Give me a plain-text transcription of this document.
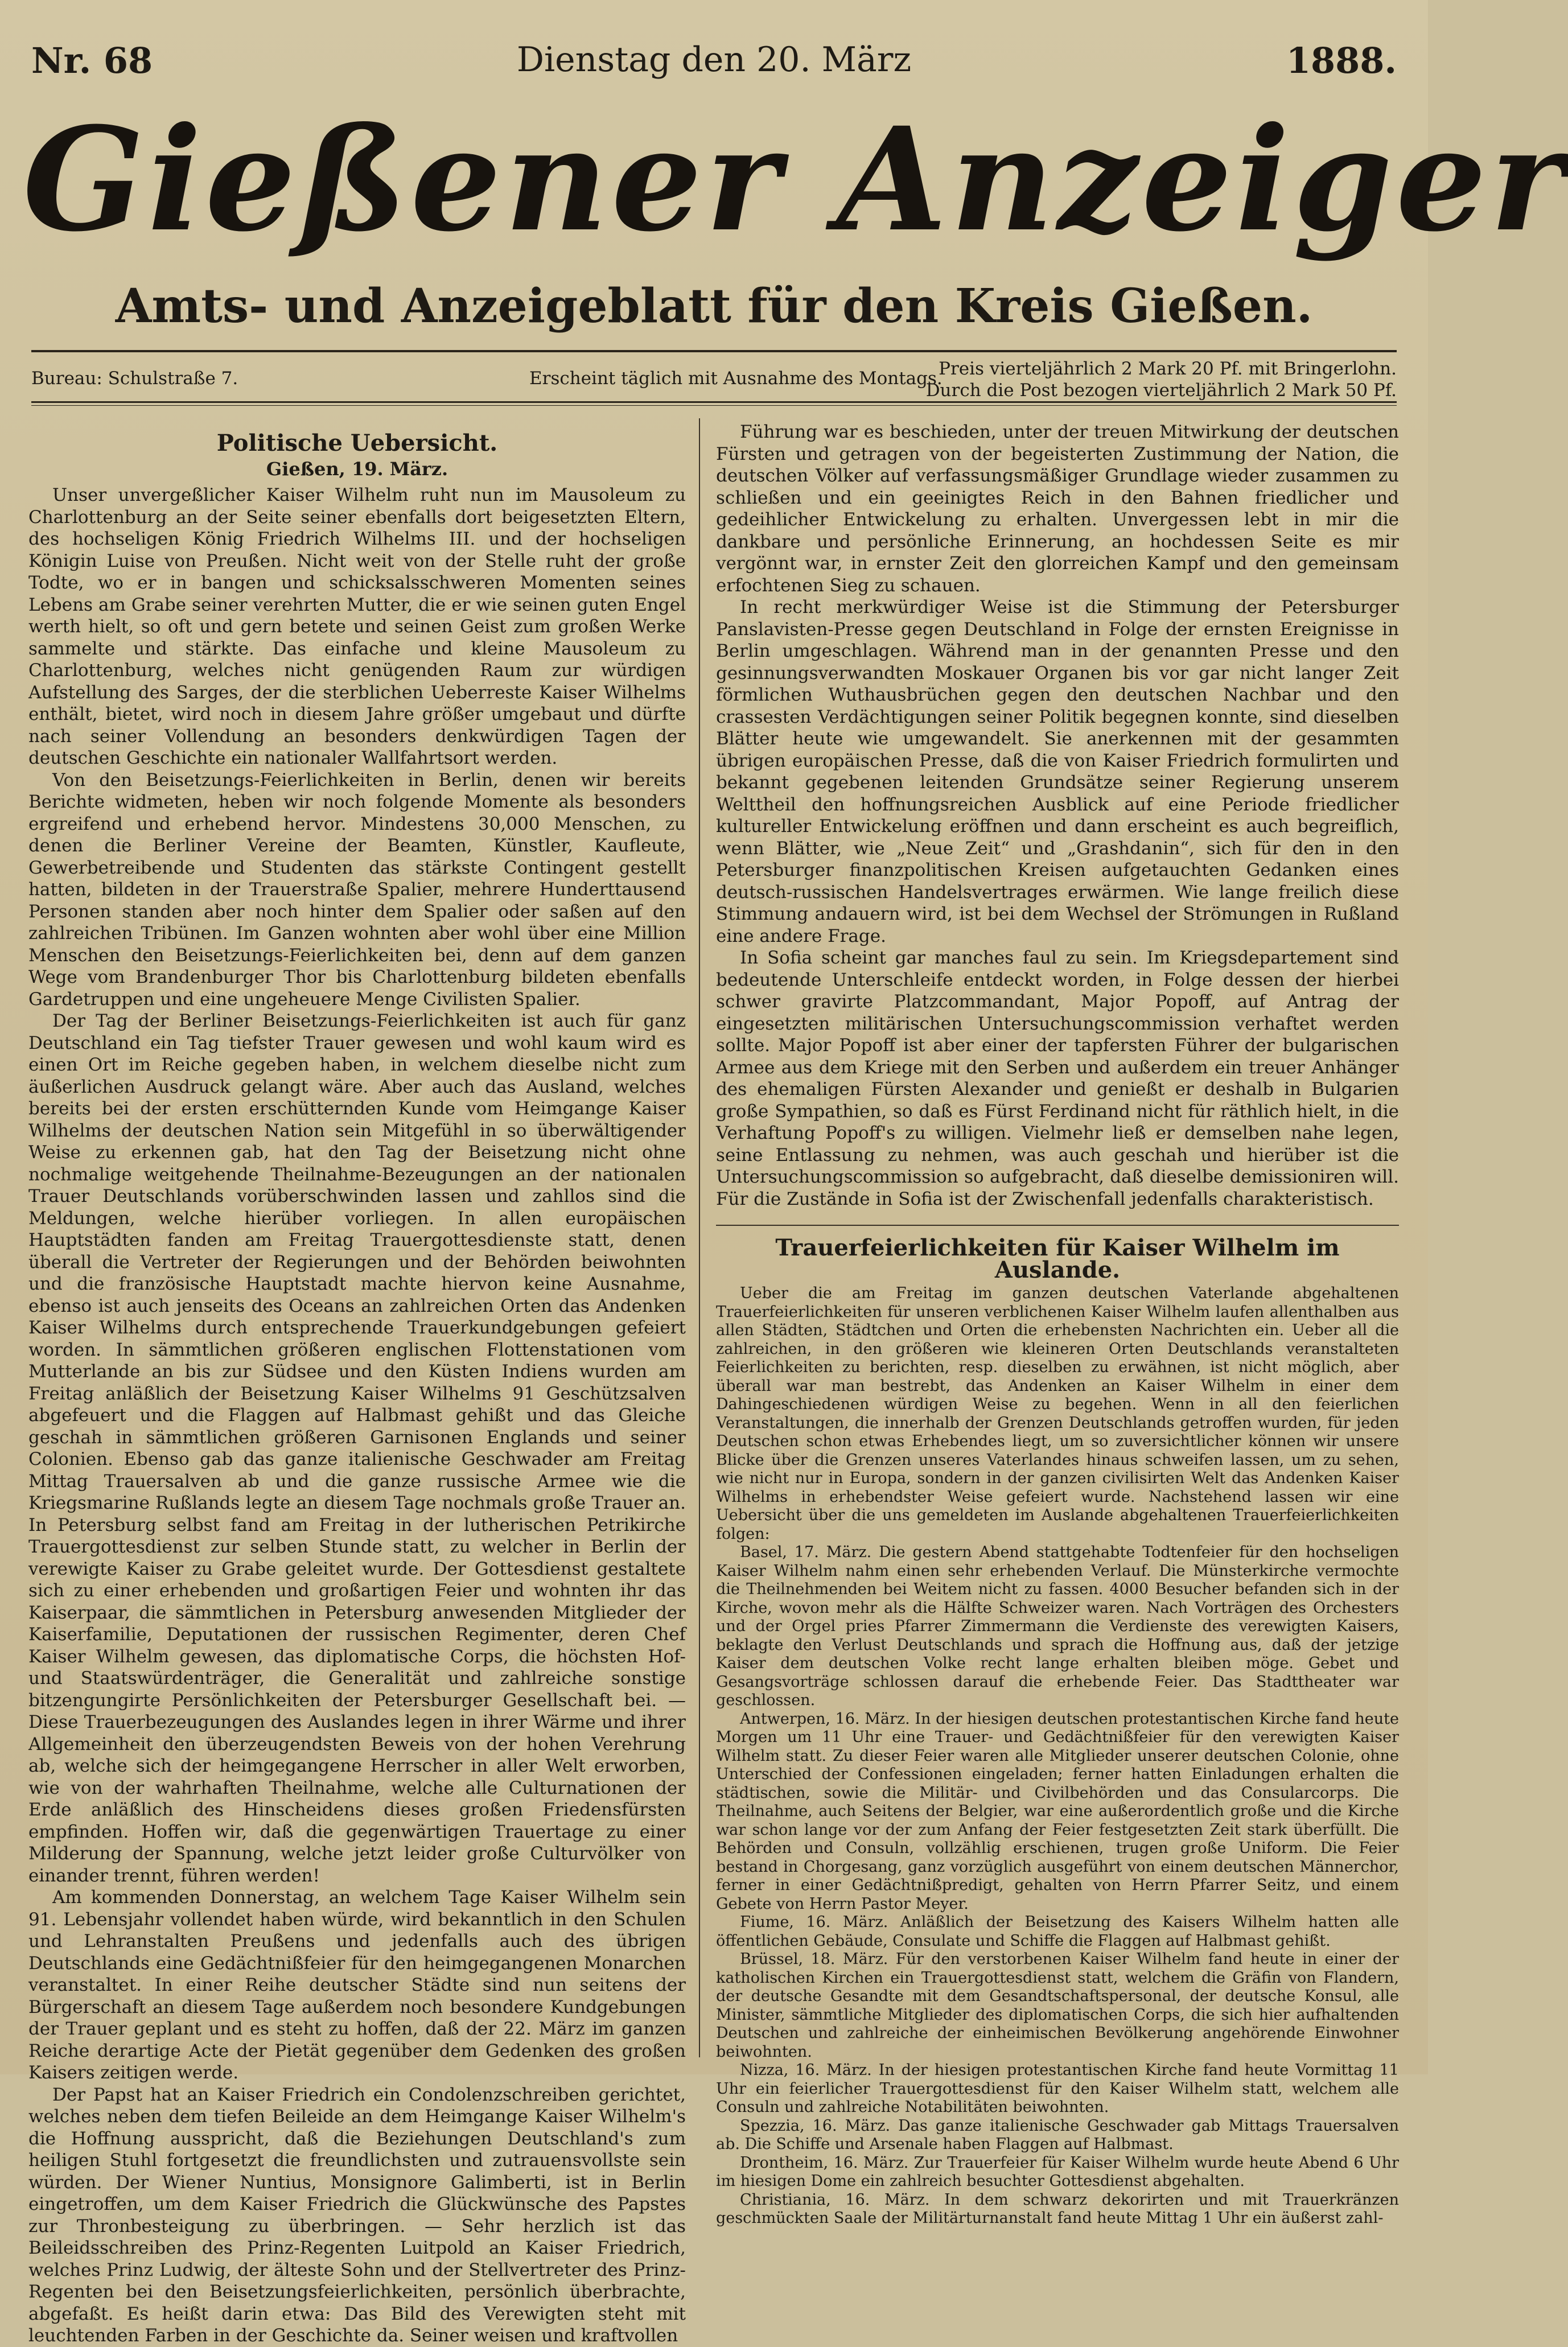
Nr. 68	Dienstag den 20. März	1888.
Gießener Anzeiger
Amts- und Anzeigeblatt für den Kreis Gießen.
Bureau: Schulstraße 7.	Erscheint täglich mit Ausnahme des Montags.
Preis vierteljährlich 2 Mark 20 Pf. mit Bringerlohn.
Durch die Post bezogen vierteljährlich 2 Mark 50 Pf.

Politische Uebersicht.

Gießen, 19. März.

Unser unvergeßlicher Kaiser Wilhelm ruht nun im Mausoleum zu Charlottenburg an der Seite seiner ebenfalls dort beigesetzten Eltern, des hochseligen König Friedrich Wilhelms III. und der hochseligen Königin Luise von Preußen. Nicht weit von der Stelle ruht der große Todte, wo er in bangen und schicksalsschweren Momenten seines Lebens am Grabe seiner verehrten Mutter, die er wie seinen guten Engel werth hielt, so oft und gern betete und seinen Geist zum großen Werke sammelte und stärkte. Das einfache und kleine Mausoleum zu Charlottenburg, welches nicht genügenden Raum zur würdigen Aufstellung des Sarges, der die sterblichen Ueberreste Kaiser Wilhelms enthält, bietet, wird noch in diesem Jahre größer umgebaut und dürfte nach seiner Vollendung an besonders denkwürdigen Tagen der deutschen Geschichte ein nationaler Wallfahrtsort werden.

Von den Beisetzungs-Feierlichkeiten in Berlin, denen wir bereits Berichte widmeten, heben wir noch folgende Momente als besonders ergreifend und erhebend hervor. Mindestens 30,000 Menschen, zu denen die Berliner Vereine der Beamten, Künstler, Kaufleute, Gewerbetreibende und Studenten das stärkste Contingent gestellt hatten, bildeten in der Trauerstraße Spalier, mehrere Hunderttausend Personen standen aber noch hinter dem Spalier oder saßen auf den zahlreichen Tribünen. Im Ganzen wohnten aber wohl über eine Million Menschen den Beisetzungs-Feierlichkeiten bei, denn auf dem ganzen Wege vom Brandenburger Thor bis Charlottenburg bildeten ebenfalls Gardetruppen und eine ungeheuere Menge Civilisten Spalier.

Der Tag der Berliner Beisetzungs-Feierlichkeiten ist auch für ganz Deutschland ein Tag tiefster Trauer gewesen und wohl kaum wird es einen Ort im Reiche gegeben haben, in welchem dieselbe nicht zum äußerlichen Ausdruck gelangt wäre. Aber auch das Ausland, welches bereits bei der ersten erschütternden Kunde vom Heimgange Kaiser Wilhelms der deutschen Nation sein Mitgefühl in so überwältigender Weise zu erkennen gab, hat den Tag der Beisetzung nicht ohne nochmalige weitgehende Theilnahme-Bezeugungen an der nationalen Trauer Deutschlands vorüberschwinden lassen und zahllos sind die Meldungen, welche hierüber vorliegen. In allen europäischen Hauptstädten fanden am Freitag Trauergottesdienste statt, denen überall die Vertreter der Regierungen und der Behörden beiwohnten und die französische Hauptstadt machte hiervon keine Ausnahme, ebenso ist auch jenseits des Oceans an zahlreichen Orten das Andenken Kaiser Wilhelms durch entsprechende Trauerkundgebungen gefeiert worden. In sämmtlichen größeren englischen Flottenstationen vom Mutterlande an bis zur Südsee und den Küsten Indiens wurden am Freitag anläßlich der Beisetzung Kaiser Wilhelms 91 Geschützsalven abgefeuert und die Flaggen auf Halbmast gehißt und das Gleiche geschah in sämmtlichen größeren Garnisonen Englands und seiner Colonien. Ebenso gab das ganze italienische Geschwader am Freitag Mittag Trauersalven ab und die ganze russische Armee wie die Kriegsmarine Rußlands legte an diesem Tage nochmals große Trauer an. In Petersburg selbst fand am Freitag in der lutherischen Petrikirche Trauergottesdienst zur selben Stunde statt, zu welcher in Berlin der verewigte Kaiser zu Grabe geleitet wurde. Der Gottesdienst gestaltete sich zu einer erhebenden und großartigen Feier und wohnten ihr das Kaiserpaar, die sämmtlichen in Petersburg anwesenden Mitglieder der Kaiserfamilie, Deputationen der russischen Regimenter, deren Chef Kaiser Wilhelm gewesen, das diplomatische Corps, die höchsten Hof- und Staatswürdenträger, die Generalität und zahlreiche sonstige bitzengungirte Persönlichkeiten der Petersburger Gesellschaft bei. — Diese Trauerbezeugungen des Auslandes legen in ihrer Wärme und ihrer Allgemeinheit den überzeugendsten Beweis von der hohen Verehrung ab, welche sich der heimgegangene Herrscher in aller Welt erworben, wie von der wahrhaften Theilnahme, welche alle Culturnationen der Erde anläßlich des Hinscheidens dieses großen Friedensfürsten empfinden. Hoffen wir, daß die gegenwärtigen Trauertage zu einer Milderung der Spannung, welche jetzt leider große Culturvölker von einander trennt, führen werden!

Am kommenden Donnerstag, an welchem Tage Kaiser Wilhelm sein 91. Lebensjahr vollendet haben würde, wird bekanntlich in den Schulen und Lehranstalten Preußens und jedenfalls auch des übrigen Deutschlands eine Gedächtnißfeier für den heimgegangenen Monarchen veranstaltet. In einer Reihe deutscher Städte sind nun seitens der Bürgerschaft an diesem Tage außerdem noch besondere Kundgebungen der Trauer geplant und es steht zu hoffen, daß der 22. März im ganzen Reiche derartige Acte der Pietät gegenüber dem Gedenken des großen Kaisers zeitigen werde.

Der Papst hat an Kaiser Friedrich ein Condolenzschreiben gerichtet, welches neben dem tiefen Beileide an dem Heimgange Kaiser Wilhelm's die Hoffnung ausspricht, daß die Beziehungen Deutschland's zum heiligen Stuhl fortgesetzt die freundlichsten und zutrauensvollste sein würden. Der Wiener Nuntius, Monsignore Galimberti, ist in Berlin eingetroffen, um dem Kaiser Friedrich die Glückwünsche des Papstes zur Thronbesteigung zu überbringen. — Sehr herzlich ist das Beileidsschreiben des Prinz-Regenten Luitpold an Kaiser Friedrich, welches Prinz Ludwig, der älteste Sohn und der Stellvertreter des Prinz-Regenten bei den Beisetzungsfeierlichkeiten, persönlich überbrachte, abgefaßt. Es heißt darin etwa: Das Bild des Verewigten steht mit leuchtenden Farben in der Geschichte da. Seiner weisen und kraftvollen

Führung war es beschieden, unter der treuen Mitwirkung der deutschen Fürsten und getragen von der begeisterten Zustimmung der Nation, die deutschen Völker auf verfassungsmäßiger Grundlage wieder zusammen zu schließen und ein geeinigtes Reich in den Bahnen friedlicher und gedeihlicher Entwickelung zu erhalten. Unvergessen lebt in mir die dankbare und persönliche Erinnerung, an hochdessen Seite es mir vergönnt war, in ernster Zeit den glorreichen Kampf und den gemeinsam erfochtenen Sieg zu schauen.

In recht merkwürdiger Weise ist die Stimmung der Petersburger Panslavisten-Presse gegen Deutschland in Folge der ernsten Ereignisse in Berlin umgeschlagen. Während man in der genannten Presse und den gesinnungsverwandten Moskauer Organen bis vor gar nicht langer Zeit förmlichen Wuthausbrüchen gegen den deutschen Nachbar und den crassesten Verdächtigungen seiner Politik begegnen konnte, sind dieselben Blätter heute wie umgewandelt. Sie anerkennen mit der gesammten übrigen europäischen Presse, daß die von Kaiser Friedrich formulirten und bekannt gegebenen leitenden Grundsätze seiner Regierung unserem Welttheil den hoffnungsreichen Ausblick auf eine Periode friedlicher kultureller Entwickelung eröffnen und dann erscheint es auch begreiflich, wenn Blätter, wie „Neue Zeit“ und „Grashdanin“, sich für den in den Petersburger finanzpolitischen Kreisen aufgetauchten Gedanken eines deutsch-russischen Handelsvertrages erwärmen. Wie lange freilich diese Stimmung andauern wird, ist bei dem Wechsel der Strömungen in Rußland eine andere Frage.

In Sofia scheint gar manches faul zu sein. Im Kriegsdepartement sind bedeutende Unterschleife entdeckt worden, in Folge dessen der hierbei schwer gravirte Platzcommandant, Major Popoff, auf Antrag der eingesetzten militärischen Untersuchungscommission verhaftet werden sollte. Major Popoff ist aber einer der tapfersten Führer der bulgarischen Armee aus dem Kriege mit den Serben und außerdem ein treuer Anhänger des ehemaligen Fürsten Alexander und genießt er deshalb in Bulgarien große Sympathien, so daß es Fürst Ferdinand nicht für räthlich hielt, in die Verhaftung Popoff's zu willigen. Vielmehr ließ er demselben nahe legen, seine Entlassung zu nehmen, was auch geschah und hierüber ist die Untersuchungscommission so aufgebracht, daß dieselbe demissioniren will. Für die Zustände in Sofia ist der Zwischenfall jedenfalls charakteristisch.

Trauerfeierlichkeiten für Kaiser Wilhelm im Auslande.

Ueber die am Freitag im ganzen deutschen Vaterlande abgehaltenen Trauerfeierlichkeiten für unseren verblichenen Kaiser Wilhelm laufen allenthalben aus allen Städten, Städtchen und Orten die erhebensten Nachrichten ein. Ueber all die zahlreichen, in den größeren wie kleineren Orten Deutschlands veranstalteten Feierlichkeiten zu berichten, resp. dieselben zu erwähnen, ist nicht möglich, aber überall war man bestrebt, das Andenken an Kaiser Wilhelm in einer dem Dahingeschiedenen würdigen Weise zu begehen. Wenn in all den feierlichen Veranstaltungen, die innerhalb der Grenzen Deutschlands getroffen wurden, für jeden Deutschen schon etwas Erhebendes liegt, um so zuversichtlicher können wir unsere Blicke über die Grenzen unseres Vaterlandes hinaus schweifen lassen, um zu sehen, wie nicht nur in Europa, sondern in der ganzen civilisirten Welt das Andenken Kaiser Wilhelms in erhebendster Weise gefeiert wurde. Nachstehend lassen wir eine Uebersicht über die uns gemeldeten im Auslande abgehaltenen Trauerfeierlichkeiten folgen:

Basel, 17. März. Die gestern Abend stattgehabte Todtenfeier für den hochseligen Kaiser Wilhelm nahm einen sehr erhebenden Verlauf. Die Münsterkirche vermochte die Theilnehmenden bei Weitem nicht zu fassen. 4000 Besucher befanden sich in der Kirche, wovon mehr als die Hälfte Schweizer waren. Nach Vorträgen des Orchesters und der Orgel pries Pfarrer Zimmermann die Verdienste des verewigten Kaisers, beklagte den Verlust Deutschlands und sprach die Hoffnung aus, daß der jetzige Kaiser dem deutschen Volke recht lange erhalten bleiben möge. Gebet und Gesangsvorträge schlossen darauf die erhebende Feier. Das Stadttheater war geschlossen.

Antwerpen, 16. März. In der hiesigen deutschen protestantischen Kirche fand heute Morgen um 11 Uhr eine Trauer- und Gedächtnißfeier für den verewigten Kaiser Wilhelm statt. Zu dieser Feier waren alle Mitglieder unserer deutschen Colonie, ohne Unterschied der Confessionen eingeladen; ferner hatten Einladungen erhalten die städtischen, sowie die Militär- und Civilbehörden und das Consularcorps. Die Theilnahme, auch Seitens der Belgier, war eine außerordentlich große und die Kirche war schon lange vor der zum Anfang der Feier festgesetzten Zeit stark überfüllt. Die Behörden und Consuln, vollzählig erschienen, trugen große Uniform. Die Feier bestand in Chorgesang, ganz vorzüglich ausgeführt von einem deutschen Männerchor, ferner in einer Gedächtnißpredigt, gehalten von Herrn Pfarrer Seitz, und einem Gebete von Herrn Pastor Meyer.

Fiume, 16. März. Anläßlich der Beisetzung des Kaisers Wilhelm hatten alle öffentlichen Gebäude, Consulate und Schiffe die Flaggen auf Halbmast gehißt.

Brüssel, 18. März. Für den verstorbenen Kaiser Wilhelm fand heute in einer der katholischen Kirchen ein Trauergottesdienst statt, welchem die Gräfin von Flandern, der deutsche Gesandte mit dem Gesandtschaftspersonal, der deutsche Konsul, alle Minister, sämmtliche Mitglieder des diplomatischen Corps, die sich hier aufhaltenden Deutschen und zahlreiche der einheimischen Bevölkerung angehörende Einwohner beiwohnten.

Nizza, 16. März. In der hiesigen protestantischen Kirche fand heute Vormittag 11 Uhr ein feierlicher Trauergottesdienst für den Kaiser Wilhelm statt, welchem alle Consuln und zahlreiche Notabilitäten beiwohnten.

Spezzia, 16. März. Das ganze italienische Geschwader gab Mittags Trauersalven ab. Die Schiffe und Arsenale haben Flaggen auf Halbmast.

Drontheim, 16. März. Zur Trauerfeier für Kaiser Wilhelm wurde heute Abend 6 Uhr im hiesigen Dome ein zahlreich besuchter Gottesdienst abgehalten.

Christiania, 16. März. In dem schwarz dekorirten und mit Trauerkränzen geschmückten Saale der Militärturnanstalt fand heute Mittag 1 Uhr ein äußerst zahl-
